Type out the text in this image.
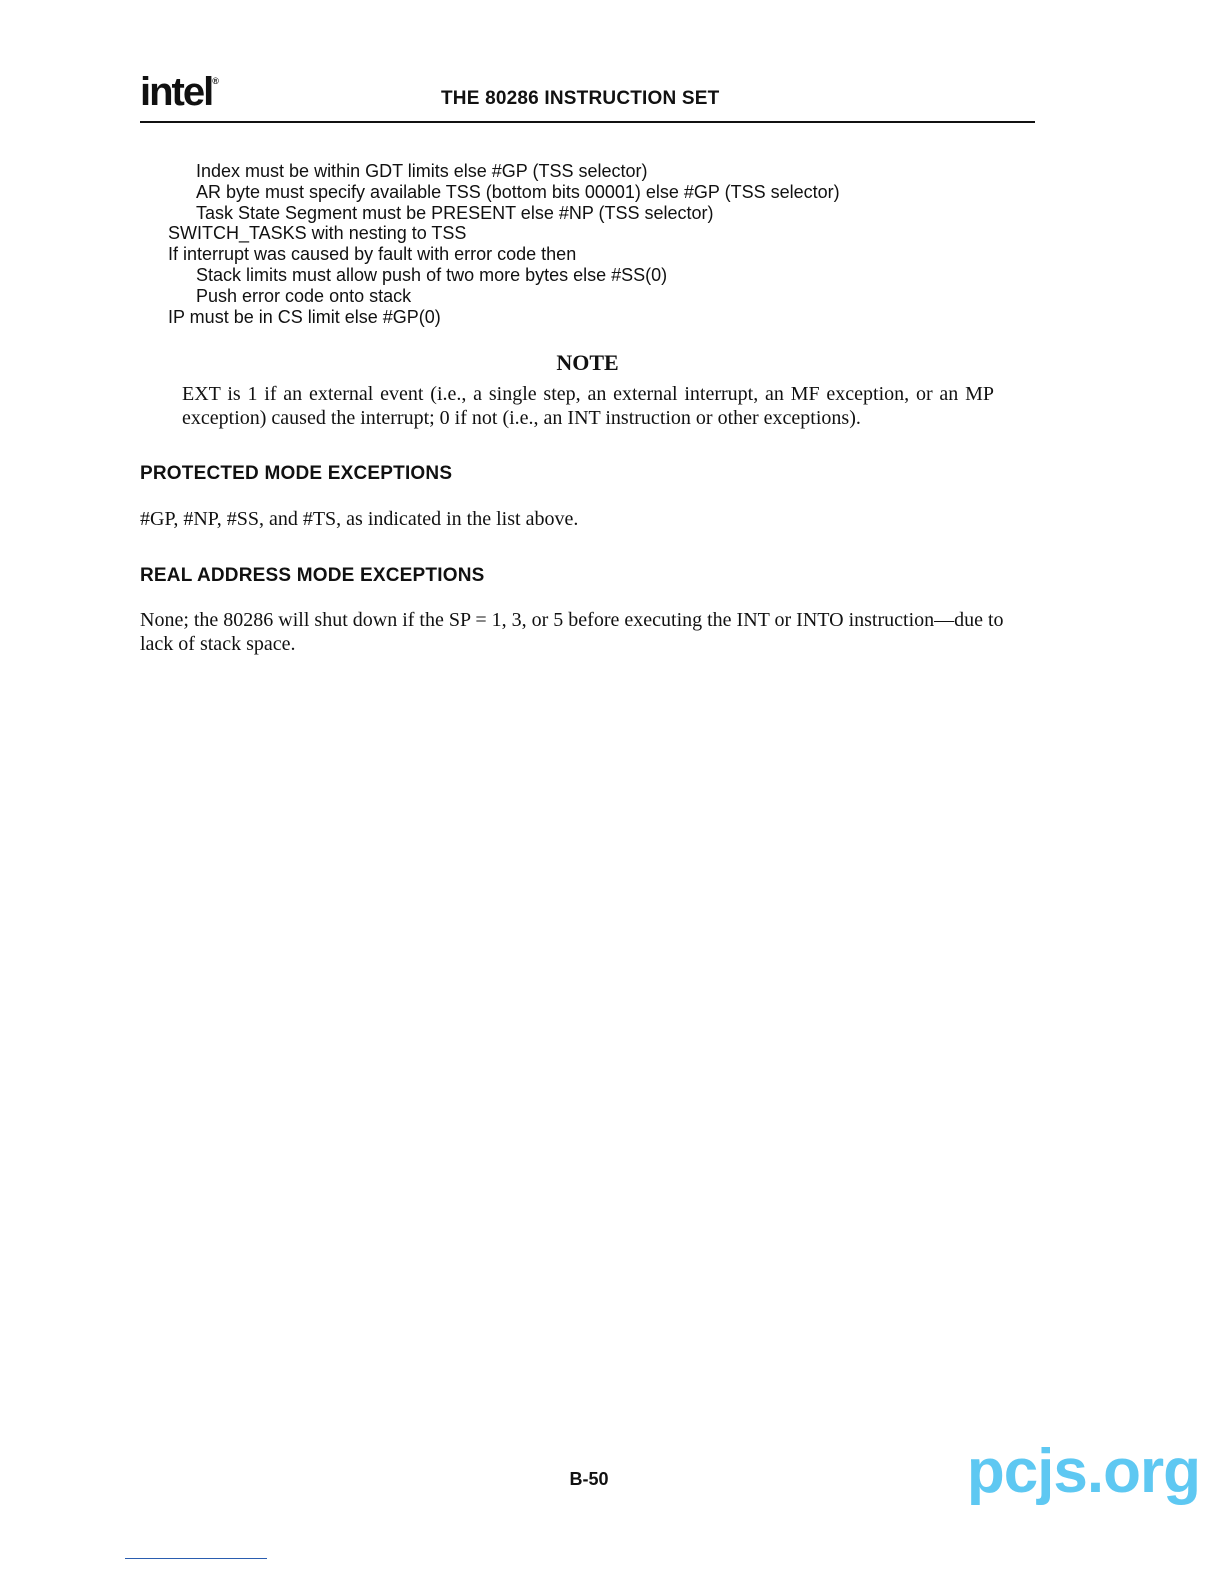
intel®
THE 80286 INSTRUCTION SET
Index must be within GDT limits else #GP (TSS selector)
AR byte must specify available TSS (bottom bits 00001) else #GP (TSS selector)
Task State Segment must be PRESENT else #NP (TSS selector)
SWITCH_TASKS with nesting to TSS
If interrupt was caused by fault with error code then
Stack limits must allow push of two more bytes else #SS(0)
Push error code onto stack
IP must be in CS limit else #GP(0)
NOTE
EXT is 1 if an external event (i.e., a single step, an external interrupt, an MF exception, or an MP exception) caused the interrupt; 0 if not (i.e., an INT instruction or other exceptions).
PROTECTED MODE EXCEPTIONS
#GP, #NP, #SS, and #TS, as indicated in the list above.
REAL ADDRESS MODE EXCEPTIONS
None; the 80286 will shut down if the SP = 1, 3, or 5 before executing the INT or INTO instruction—due to lack of stack space.
B-50	pcjs.org
